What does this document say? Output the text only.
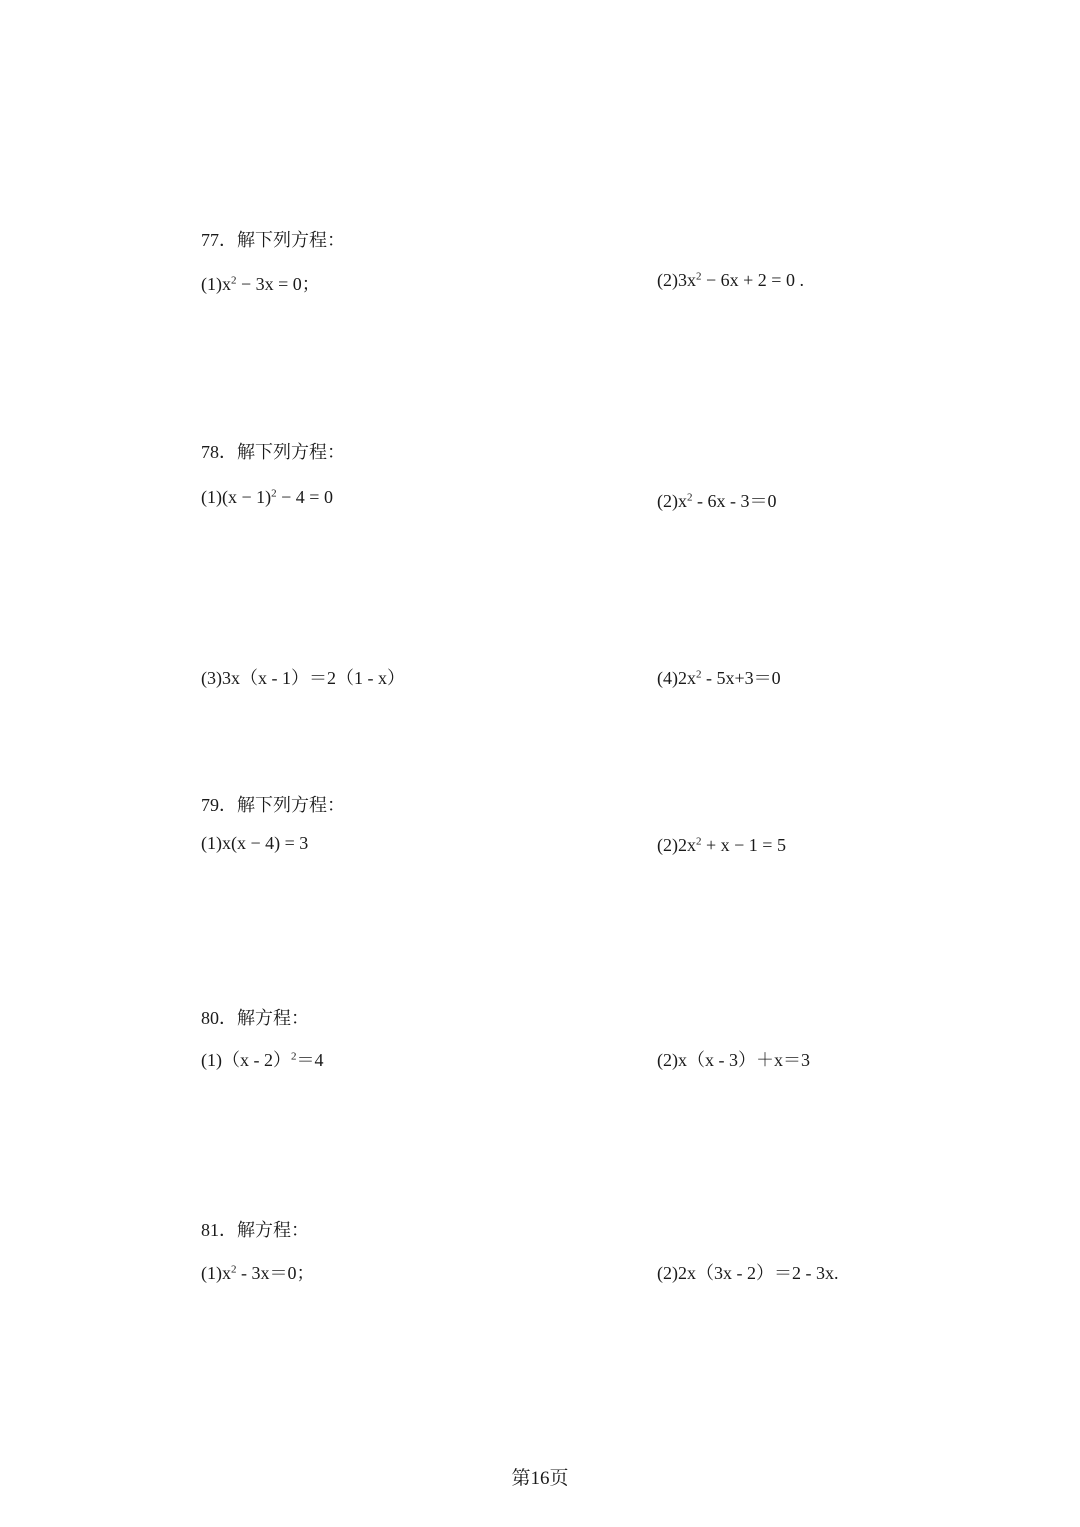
77．解下列方程：
$(1)x^2 - 3x = 0$；	$(2)3x^2 - 6x + 2 = 0$ .
78．解下列方程：
$(1)(x - 1)^2 - 4 = 0$	$(2)x^2 - 6x - 3=0$
(3)3x（x - 1）＝2（1 - x）	$(4)2x^2 - 5x+3=0$
79．解下列方程：
(1)x(x − 4) = 3	$(2)2x^2 + x - 1 = 5$
80．解方程：
(1)（x - 2）$^2$＝4	(2)x（x - 3）＋x＝3
81．解方程：
$(1)x^2 - 3x=0$；	(2)2x（3x - 2）＝2 - 3x.
第16页
